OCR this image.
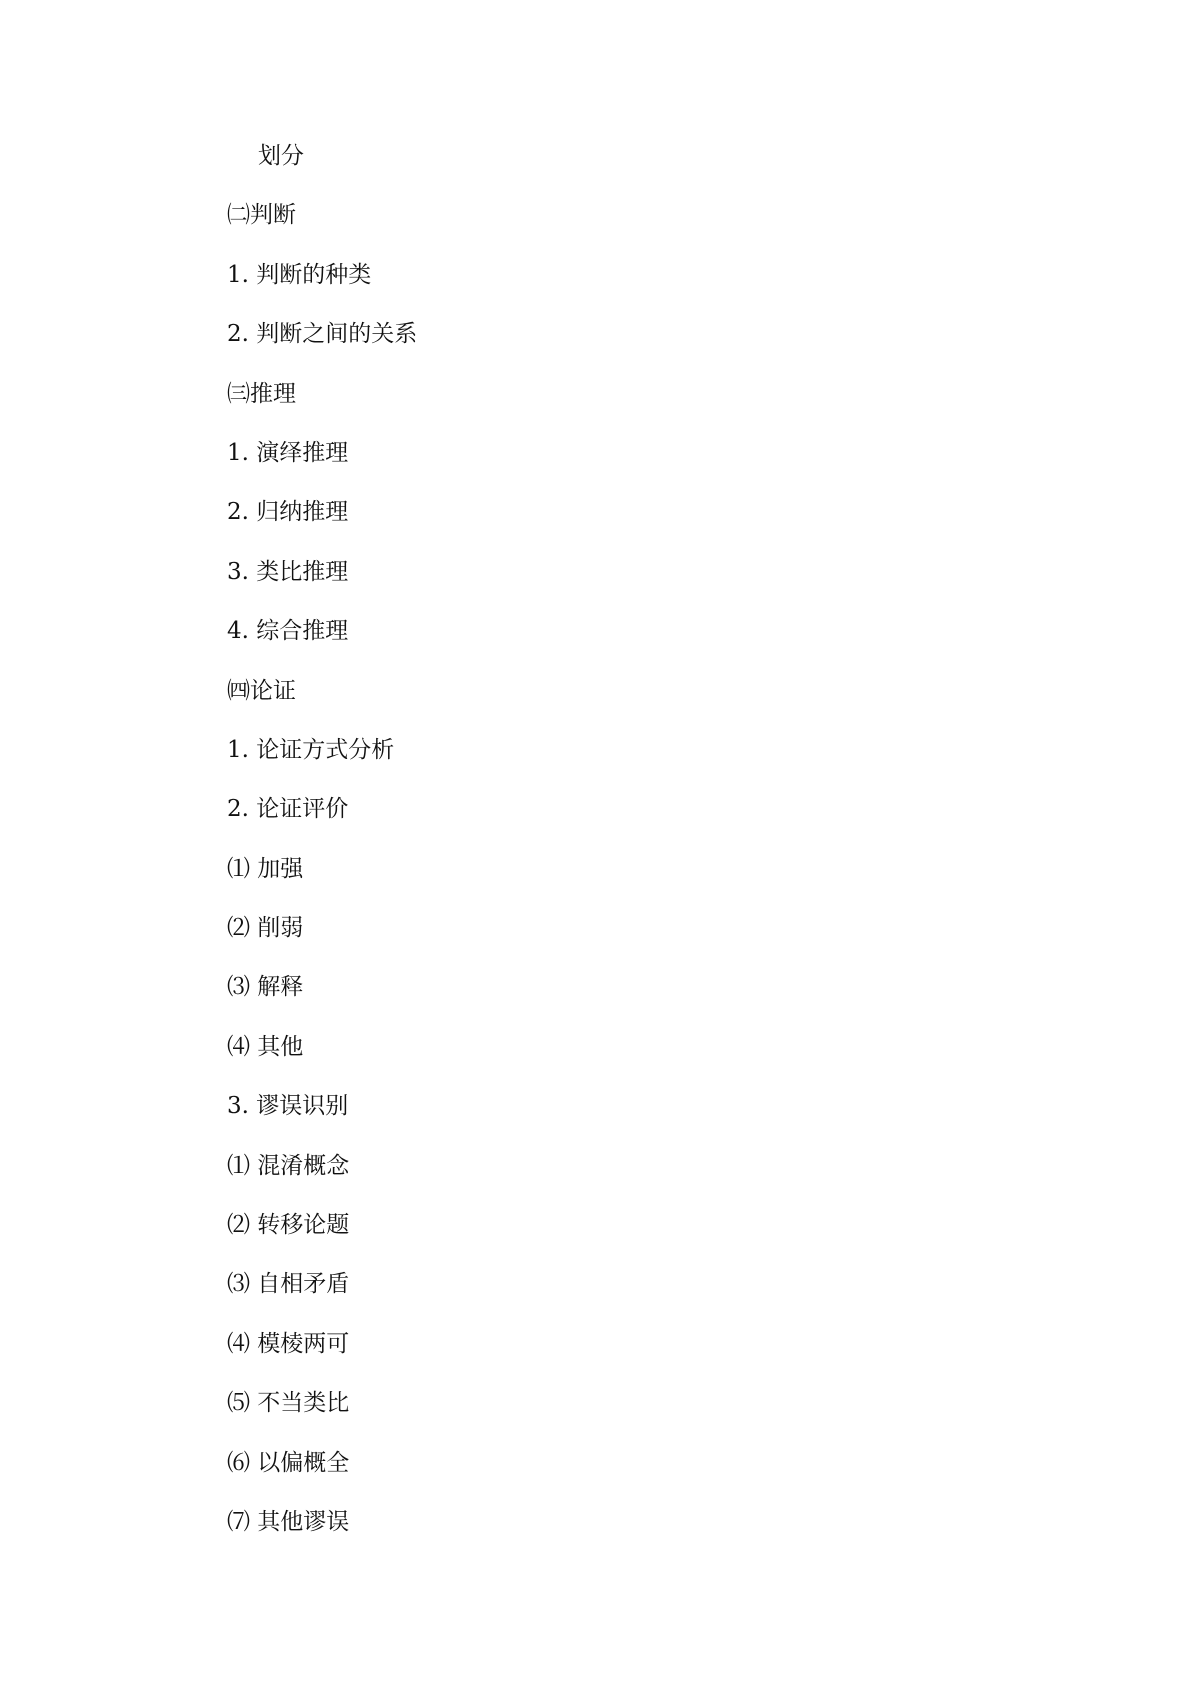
划分
㈡判断
1. 判断的种类
2. 判断之间的关系
㈢推理
1. 演绎推理
2. 归纳推理
3. 类比推理
4. 综合推理
㈣论证
1. 论证方式分析
2. 论证评价
⑴ 加强
⑵ 削弱
⑶ 解释
⑷ 其他
3. 谬误识别
⑴ 混淆概念
⑵ 转移论题
⑶ 自相矛盾
⑷ 模棱两可
⑸ 不当类比
⑹ 以偏概全
⑺ 其他谬误
